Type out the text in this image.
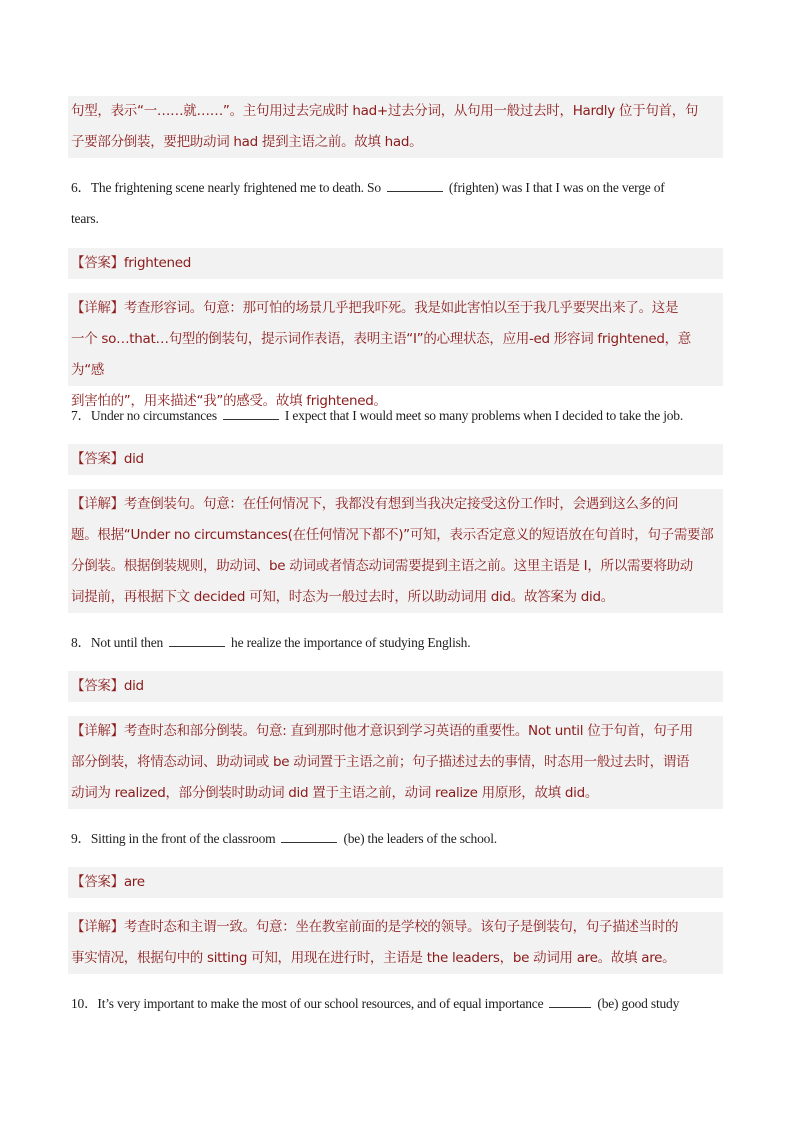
句型，表示“一……就……”。主句用过去完成时 had+过去分词，从句用一般过去时，Hardly 位于句首，句

子要部分倒装，要把助动词 had 提到主语之前。故填 had。

6．The frightening scene nearly frightened me to death. So	(frighten) was I that I was on the verge of
tears.

【答案】frightened

【详解】考查形容词。句意：那可怕的场景几乎把我吓死。我是如此害怕以至于我几乎要哭出来了。这是

一个 so…that…句型的倒装句，提示词作表语，表明主语“I”的心理状态，应用-ed 形容词 frightened，意为“感

到害怕的”，用来描述“我”的感受。故填 frightened。

7．Under no circumstances	I expect that I would meet so many problems when I decided to take the job.

【答案】did

【详解】考查倒装句。句意：在任何情况下，我都没有想到当我决定接受这份工作时，会遇到这么多的问

题。根据“Under no circumstances(在任何情况下都不)”可知，表示否定意义的短语放在句首时，句子需要部

分倒装。根据倒装规则，助动词、be 动词或者情态动词需要提到主语之前。这里主语是 I，所以需要将助动

词提前，再根据下文 decided 可知，时态为一般过去时，所以助动词用 did。故答案为 did。

8．Not until then	he realize the importance of studying English.

【答案】did

【详解】考查时态和部分倒装。句意: 直到那时他才意识到学习英语的重要性。Not until 位于句首，句子用

部分倒装，将情态动词、助动词或 be 动词置于主语之前；句子描述过去的事情，时态用一般过去时，谓语

动词为 realized，部分倒装时助动词 did 置于主语之前，动词 realize 用原形，故填 did。

9．Sitting in the front of the classroom	(be) the leaders of the school.

【答案】are

【详解】考查时态和主谓一致。句意：坐在教室前面的是学校的领导。该句子是倒装句，句子描述当时的

事实情况，根据句中的 sitting 可知，用现在进行时，主语是 the leaders，be 动词用 are。故填 are。

10．It’s very important to make the most of our school resources, and of equal importance	(be) good study
